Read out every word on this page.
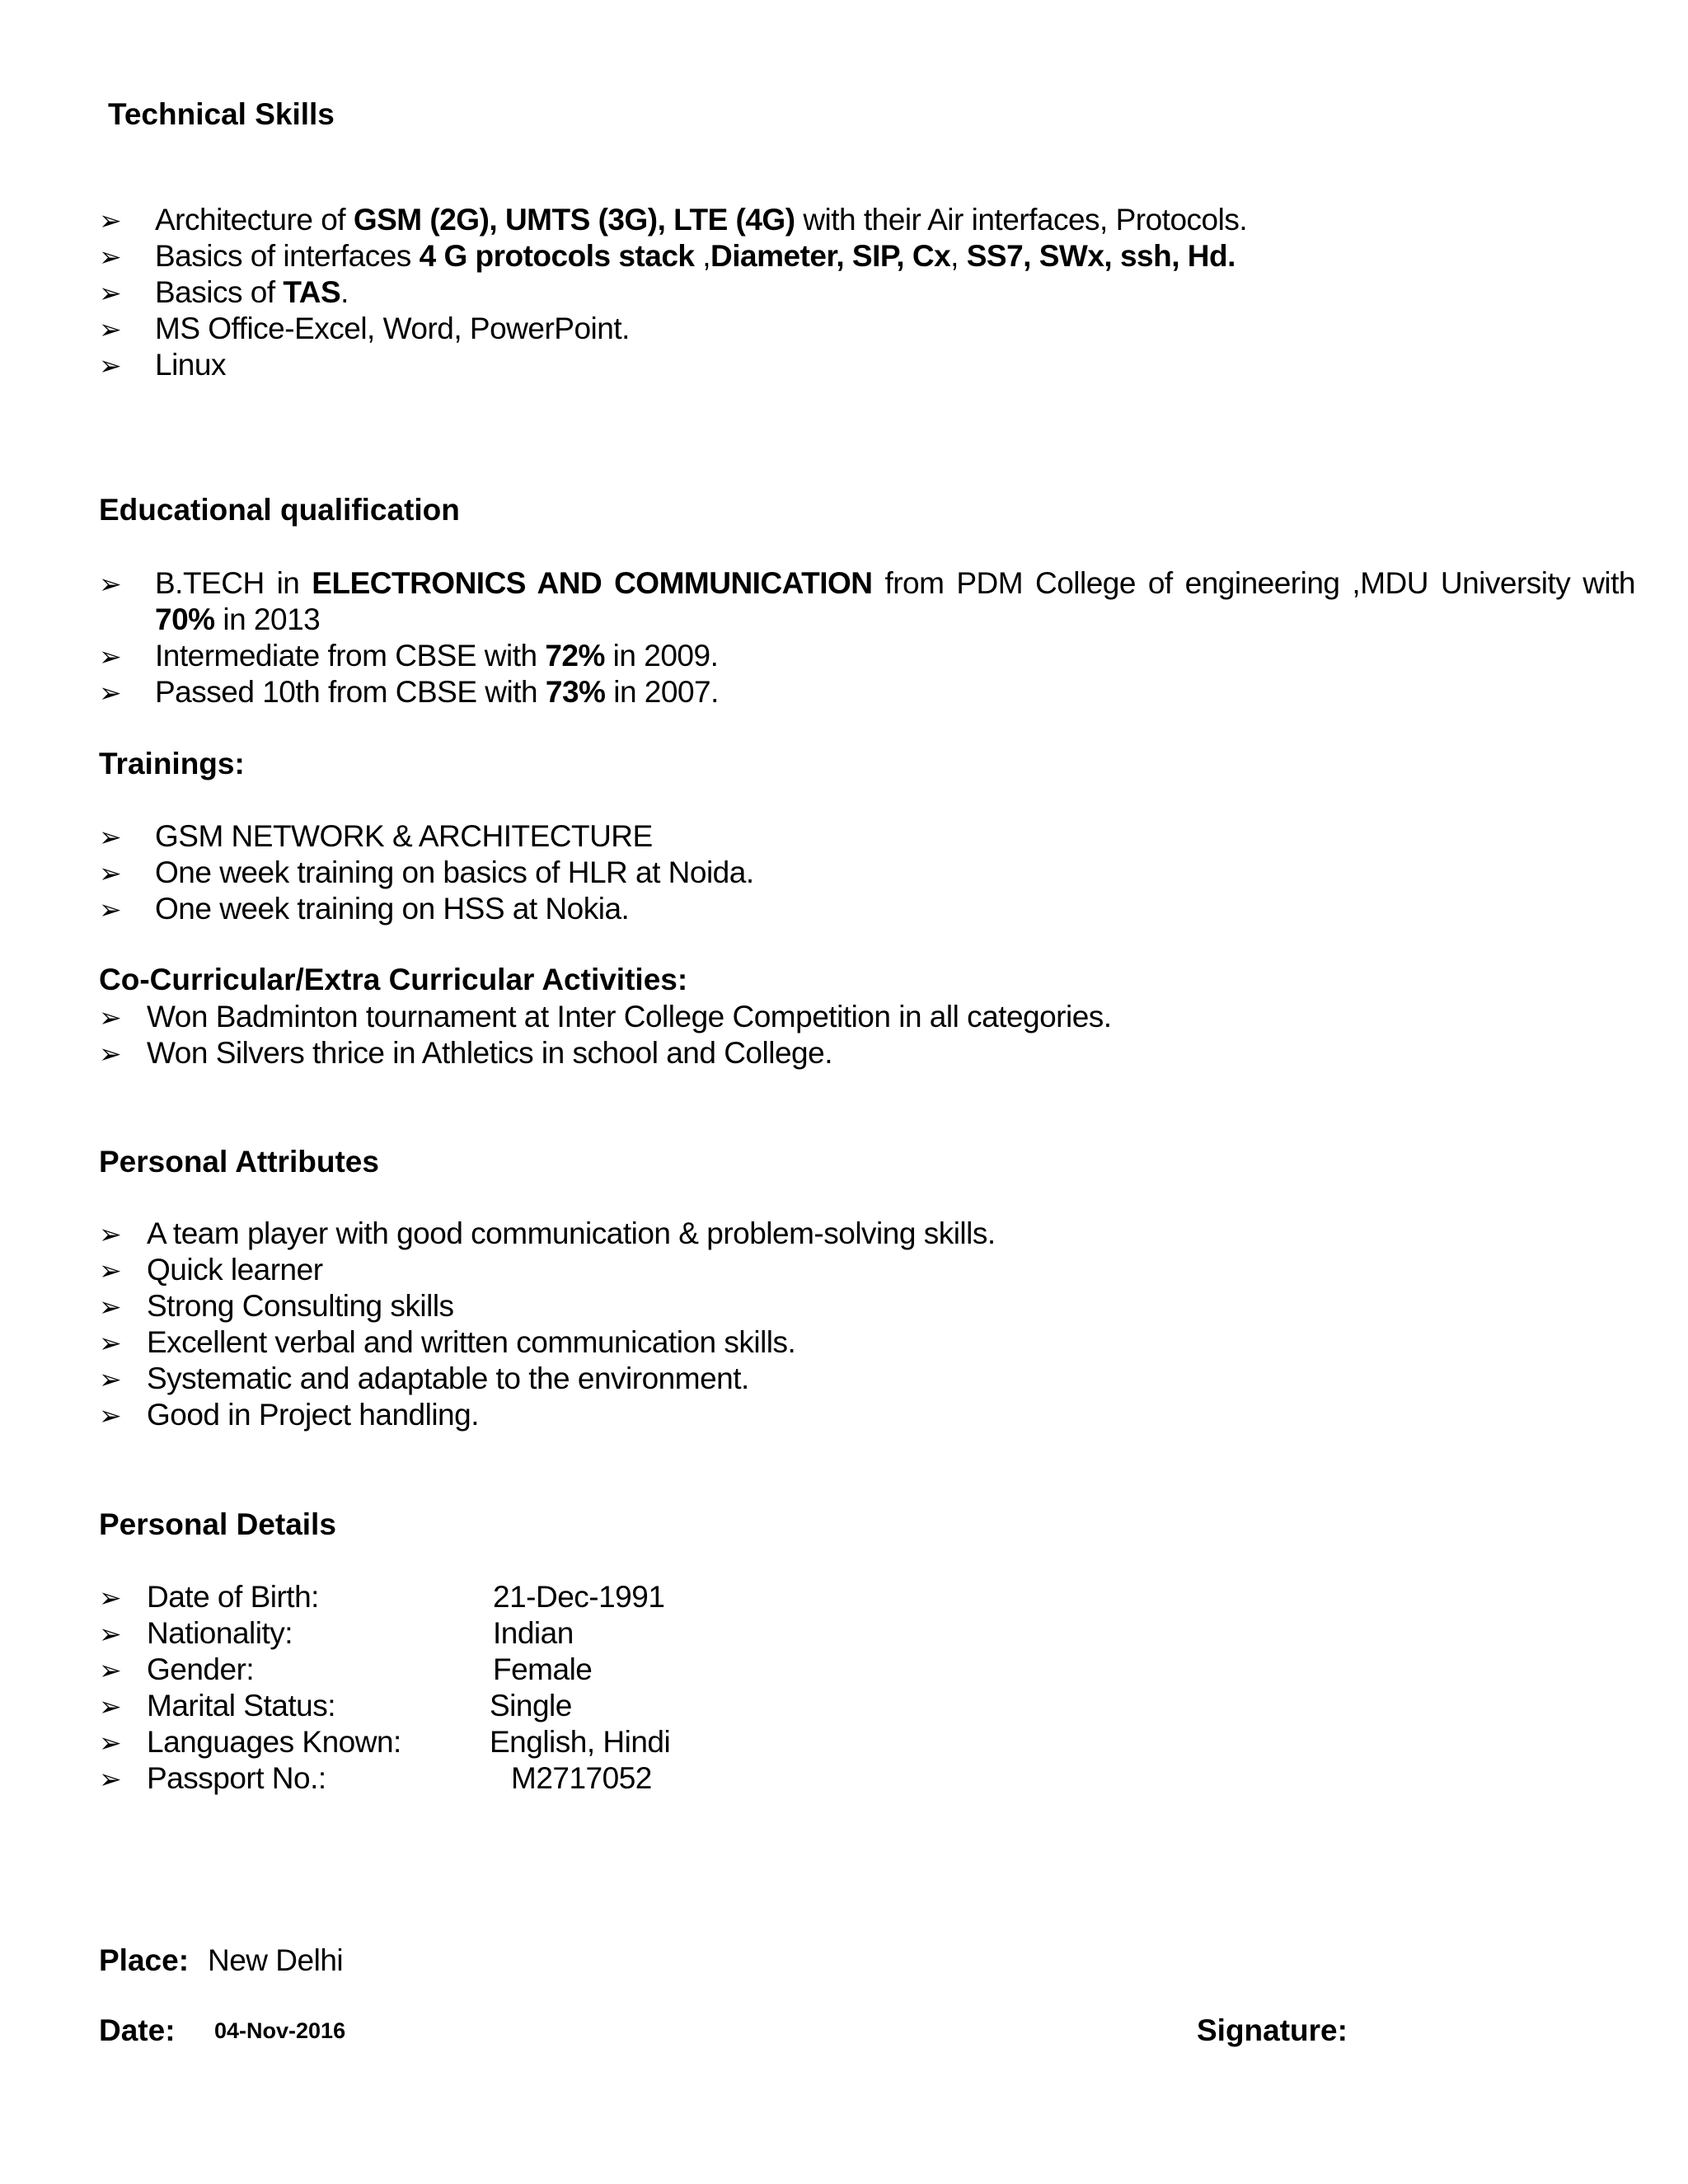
Technical Skills
➢ Architecture of GSM (2G), UMTS (3G), LTE (4G) with their Air interfaces, Protocols.
➢ Basics of interfaces 4 G protocols stack ,Diameter, SIP, Cx, SS7, SWx, ssh, Hd.
➢ Basics of TAS.
➢ MS Office-Excel, Word, PowerPoint.
➢ Linux
Educational qualification
➢ B.TECH in ELECTRONICS AND COMMUNICATION from PDM College of engineering ,MDU University with
70% in 2013
➢ Intermediate from CBSE with 72% in 2009.
➢ Passed 10th from CBSE with 73% in 2007.
Trainings:
➢ GSM NETWORK & ARCHITECTURE
➢ One week training on basics of HLR at Noida.
➢ One week training on HSS at Nokia.
Co-Curricular/Extra Curricular Activities:
➢ Won Badminton tournament at Inter College Competition in all categories.
➢ Won Silvers thrice in Athletics in school and College.
Personal Attributes
➢ A team player with good communication & problem-solving skills.
➢ Quick learner
➢ Strong Consulting skills
➢ Excellent verbal and written communication skills.
➢ Systematic and adaptable to the environment.
➢ Good in Project handling.
Personal Details
➢ Date of Birth:	21-Dec-1991
➢ Nationality:	Indian
➢ Gender:	Female
➢ Marital Status:	Single
➢ Languages Known:	English, Hindi
➢ Passport No.:	M2717052
Place: New Delhi
Date: 04-Nov-2016	Signature:
